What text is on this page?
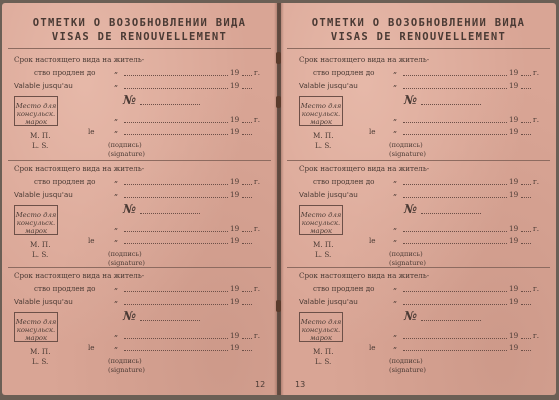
ОТМЕТКИ О ВОЗОБНОВЛЕНИИ ВИДА
VISAS DE RENOUVELLEMENT
Срок настоящего вида на житель-
ство продлен до „	19 г.
Valable jusqu'au	„	19
Место для
консульск.
марок
№
„	19 г.
М. П.
L. S.
le „	19
(подпись)
(signature)
Срок настоящего вида на житель-
ство продлен до „	19 г.
Valable jusqu'au	„	19
Место для
консульск.
марок
№
„	19 г.
М. П.
L. S.
le „	19
(подпись)
(signature)
Срок настоящего вида на житель-
ство продлен до „	19 г.
Valable jusqu'au	„	19
Место для
консульск.
марок
№
„	19 г.
М. П.
L. S.
le „	19
(подпись)
(signature)
12
ОТМЕТКИ О ВОЗОБНОВЛЕНИИ ВИДА
VISAS DE RENOUVELLEMENT
Срок настоящего вида на житель-
ство продлен до „	19 г.
Valable jusqu'au	„	19
Место для
консульск.
марок
№
„	19 г.
М. П.
L. S.
le „	19
(подпись)
(signature)
Срок настоящего вида на житель-
ство продлен до „	19 г.
Valable jusqu'au	„	19
Место для
консульск.
марок
№
„	19 г.
М. П.
L. S.
le „	19
(подпись)
(signature)
Срок настоящего вида на житель-
ство продлен до „	19 г.
Valable jusqu'au	„	19
Место для
консульск.
марок
№
„	19 г.
М. П.
L. S.
le „	19
(подпись)
(signature)
13
